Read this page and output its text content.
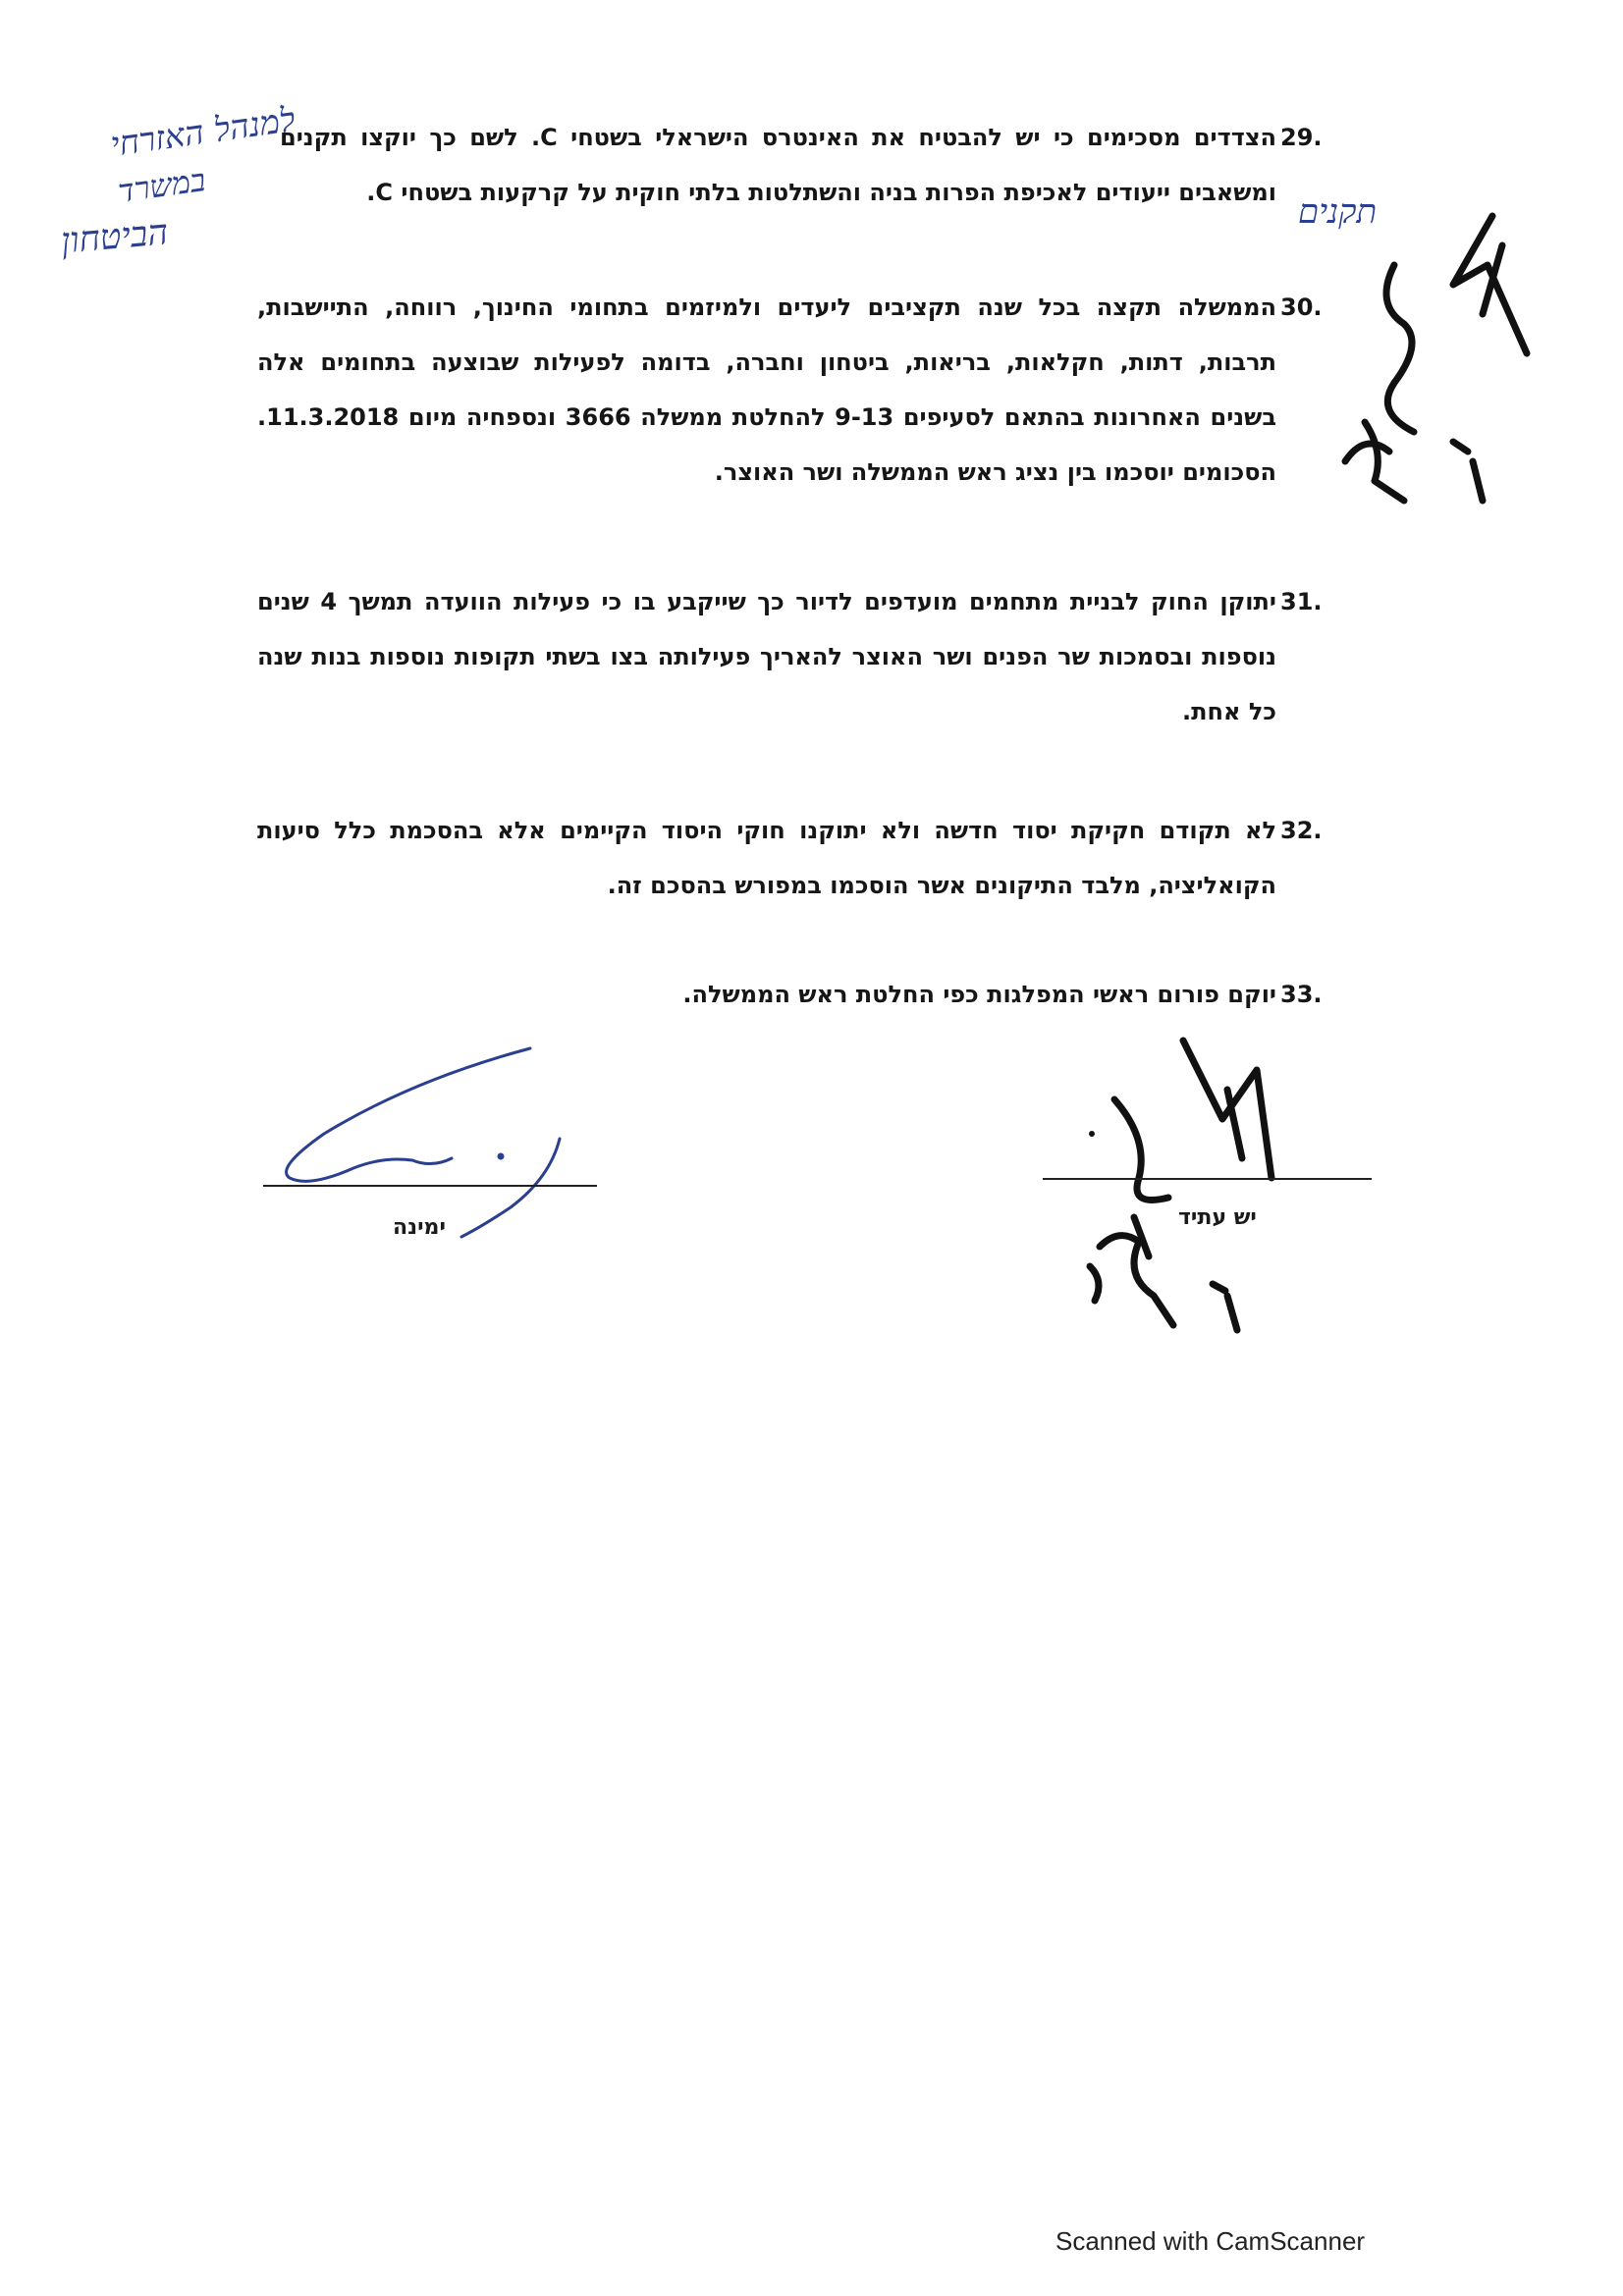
29.
הצדדים מסכימים כי יש להבטיח את האינטרס הישראלי בשטחי C. לשם כך יוקצו תקנים ומשאבים ייעודים לאכיפת הפרות בניה והשתלטות בלתי חוקית על קרקעות בשטחי C.
30.
הממשלה תקצה בכל שנה תקציבים ליעדים ולמיזמים בתחומי החינוך, רווחה, התיישבות, תרבות, דתות, חקלאות, בריאות, ביטחון וחברה, בדומה לפעילות שבוצעה בתחומים אלה בשנים האחרונות בהתאם לסעיפים 9-13 להחלטת ממשלה 3666 ונספחיה מיום 11.3.2018. הסכומים יוסכמו בין נציג ראש הממשלה ושר האוצר.
31.
יתוקן החוק לבניית מתחמים מועדפים לדיור כך שייקבע בו כי פעילות הוועדה תמשך 4 שנים נוספות ובסמכות שר הפנים ושר האוצר להאריך פעילותה בצו בשתי תקופות נוספות בנות שנה כל אחת.
32.
לא תקודם חקיקת יסוד חדשה ולא יתוקנו חוקי היסוד הקיימים אלא בהסכמת כלל סיעות הקואליציה, מלבד התיקונים אשר הוסכמו במפורש בהסכם זה.
33.
יוקם פורום ראשי המפלגות כפי החלטת ראש הממשלה.
למנהל האזרחי
במשרד
הביטחון
תקנים
ימינה	יש עתיד
Scanned with CamScanner
